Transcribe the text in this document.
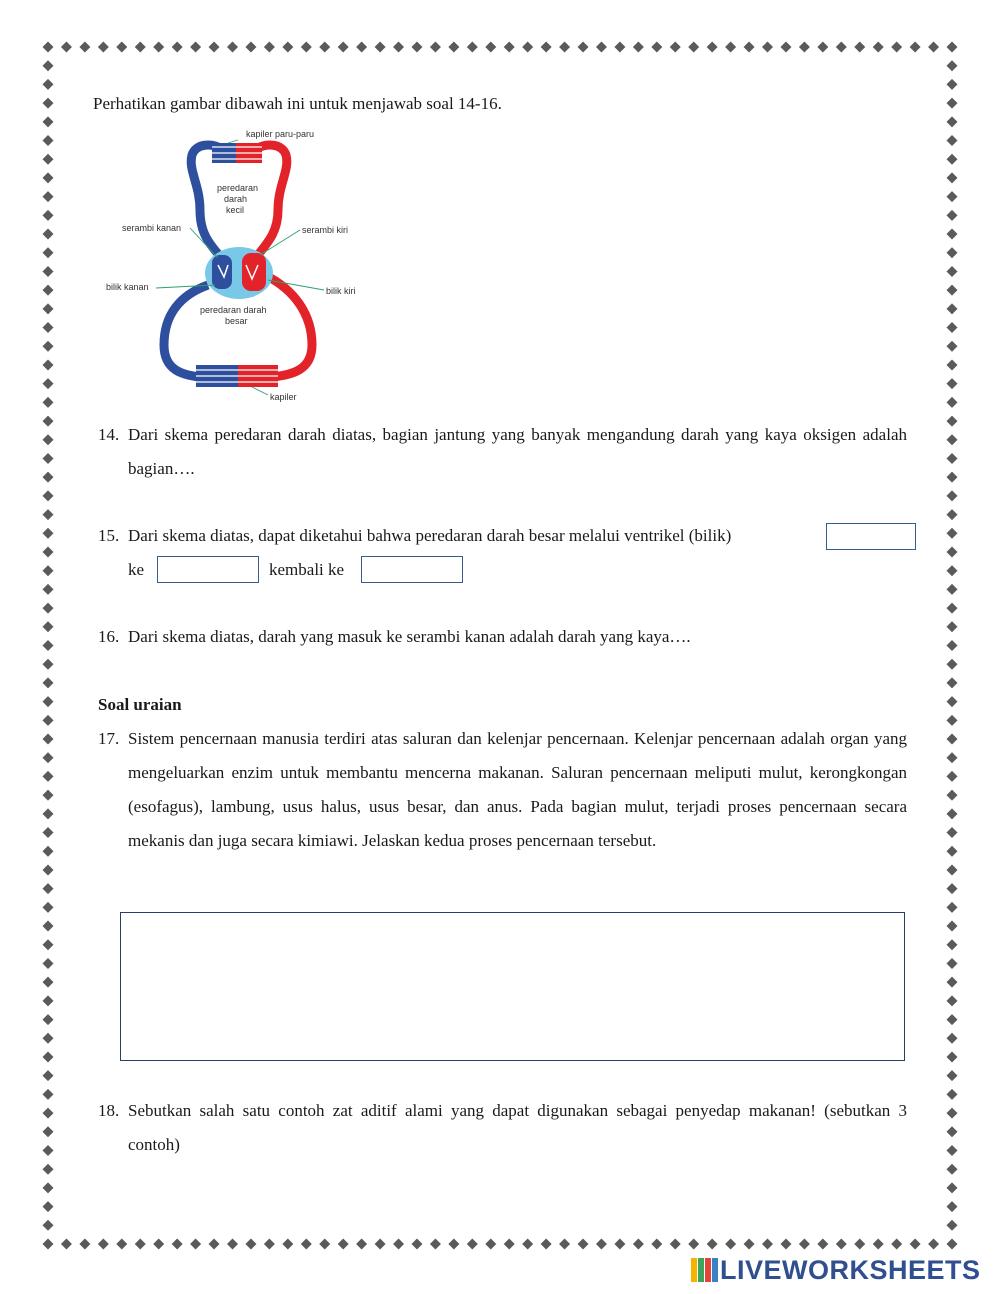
Perhatikan gambar dibawah ini untuk menjawab soal 14-16.
kapiler paru-paru
peredaran
darah
kecil
serambi kanan	serambi kiri
bilik kanan	bilik kiri
peredaran darah
besar
kapiler
14. Dari skema peredaran darah diatas, bagian jantung yang banyak mengandung darah yang kaya oksigen adalah bagian….
15. Dari skema diatas, dapat diketahui bahwa peredaran darah besar melalui ventrikel (bilik)
ke	kembali ke
16. Dari skema diatas, darah yang masuk ke serambi kanan adalah darah yang kaya….
Soal uraian
17. Sistem pencernaan manusia terdiri atas saluran dan kelenjar pencernaan. Kelenjar pencernaan adalah organ yang mengeluarkan enzim untuk membantu mencerna makanan. Saluran pencernaan meliputi mulut, kerongkongan (esofagus), lambung, usus halus, usus besar, dan anus. Pada bagian mulut, terjadi proses pencernaan secara mekanis dan juga secara kimiawi. Jelaskan kedua proses pencernaan tersebut.
18. Sebutkan salah satu contoh zat aditif alami yang dapat digunakan sebagai penyedap makanan! (sebutkan 3 contoh)
LIVEWORKSHEETS
